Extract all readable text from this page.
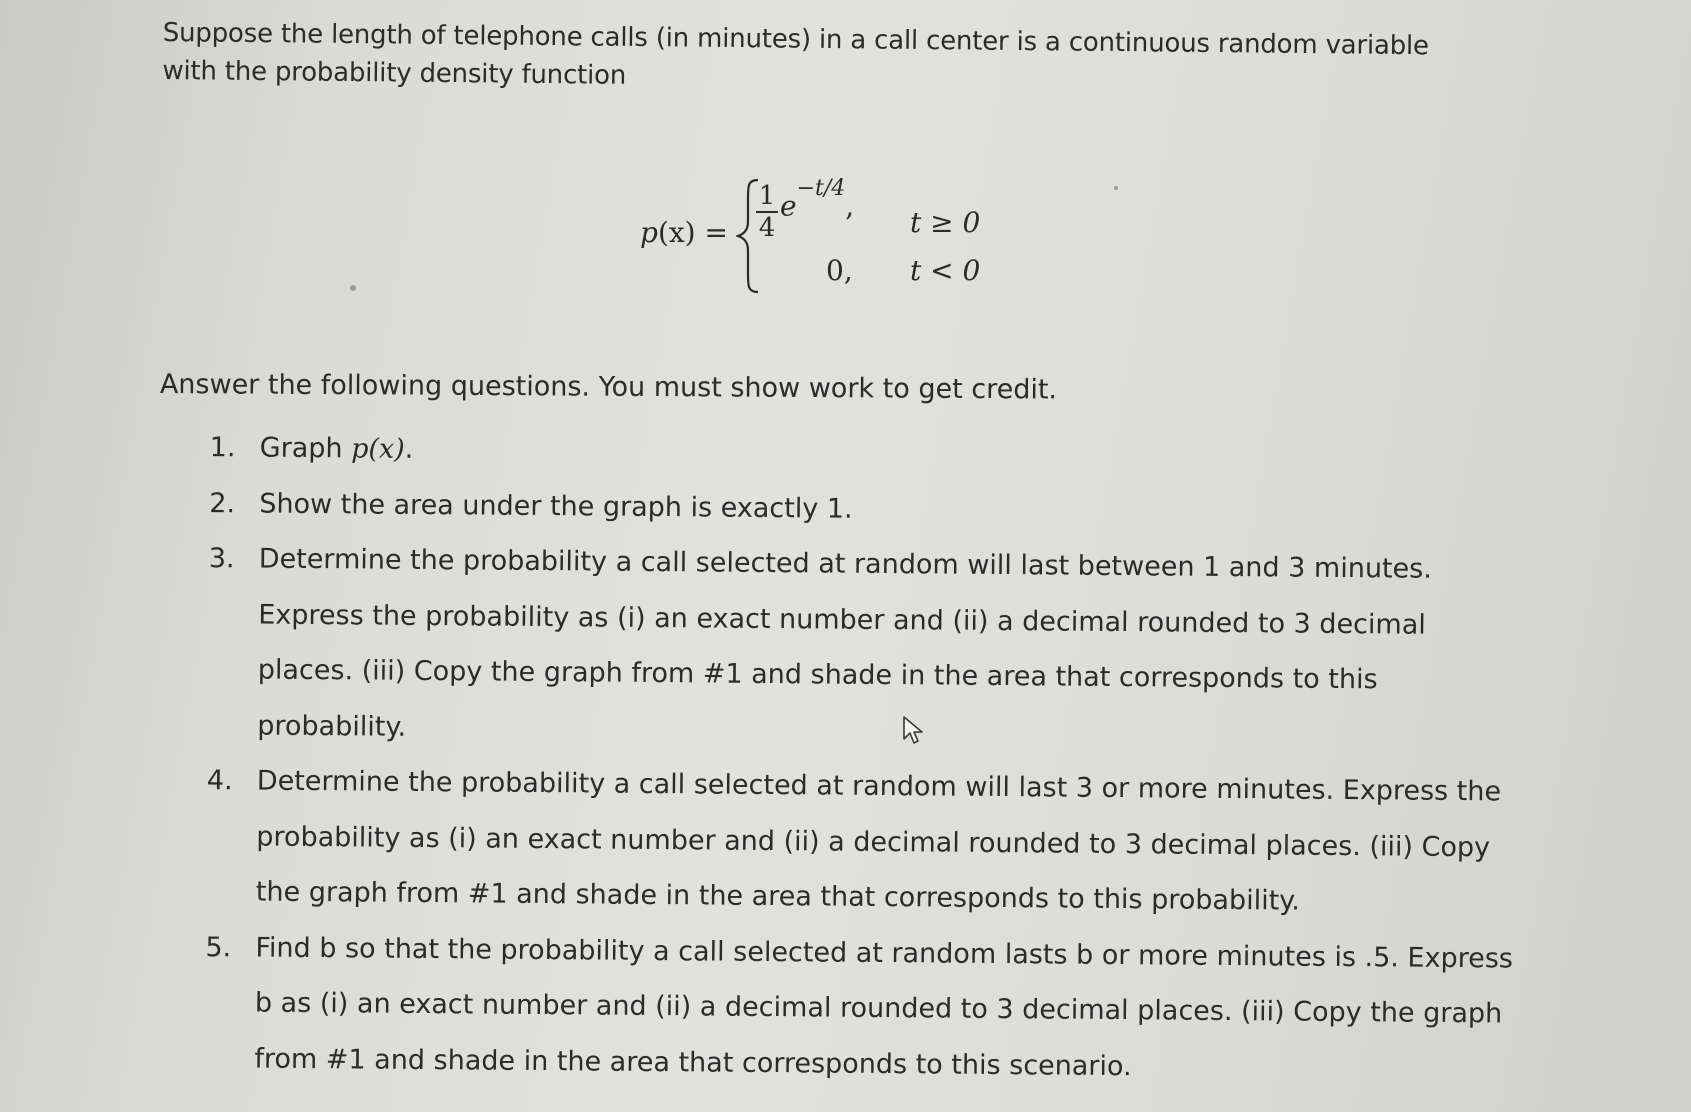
Suppose the length of telephone calls (in minutes) in a call center is a continuous random variable with the probability density function

p(x) =
1
4
$e^{-t/4}$,
t ≥ 0
0, t < 0

Answer the following questions. You must show work to get credit.

1. Graph p(x).
2. Show the area under the graph is exactly 1.
3. Determine the probability a call selected at random will last between 1 and 3 minutes. Express the probability as (i) an exact number and (ii) a decimal rounded to 3 decimal places. (iii) Copy the graph from #1 and shade in the area that corresponds to this probability.
4. Determine the probability a call selected at random will last 3 or more minutes. Express the probability as (i) an exact number and (ii) a decimal rounded to 3 decimal places. (iii) Copy the graph from #1 and shade in the area that corresponds to this probability.
5. Find b so that the probability a call selected at random lasts b or more minutes is .5. Express b as (i) an exact number and (ii) a decimal rounded to 3 decimal places. (iii) Copy the graph from #1 and shade in the area that corresponds to this scenario.
